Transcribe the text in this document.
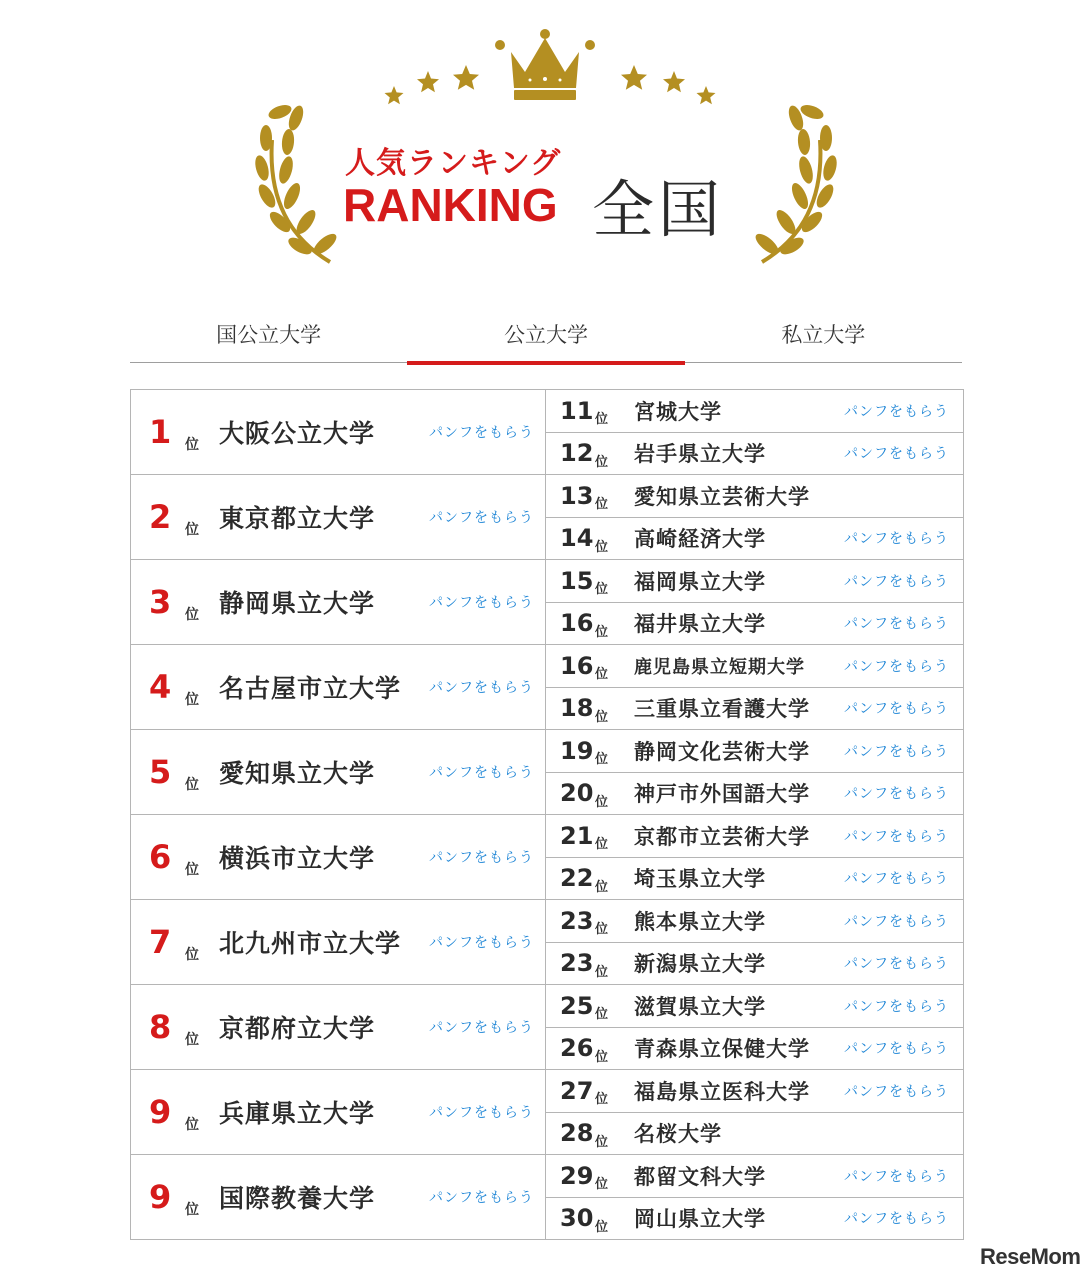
人気ランキング
RANKING 全国
国公立大学	公立大学	私立大学
1 位 大阪公立大学	パンフをもらう
11 位 宮城大学	パンフをもらう
12 位 岩手県立大学	パンフをもらう
2 位 東京都立大学	パンフをもらう
13 位 愛知県立芸術大学
14 位 高崎経済大学	パンフをもらう
3 位 静岡県立大学	パンフをもらう
15 位 福岡県立大学	パンフをもらう
16 位 福井県立大学	パンフをもらう
4 位 名古屋市立大学 パンフをもらう
16 位 鹿児島県立短期大学	パンフをもらう
18 位 三重県立看護大学 パンフをもらう
5 位 愛知県立大学	パンフをもらう
19 位 静岡文化芸術大学 パンフをもらう
20 位 神戸市外国語大学 パンフをもらう
6 位 横浜市立大学	パンフをもらう
21 位 京都市立芸術大学 パンフをもらう
22 位 埼玉県立大学	パンフをもらう
7 位 北九州市立大学 パンフをもらう
23 位 熊本県立大学	パンフをもらう
23 位 新潟県立大学	パンフをもらう
8 位 京都府立大学	パンフをもらう
25 位 滋賀県立大学	パンフをもらう
26 位 青森県立保健大学 パンフをもらう
9 位 兵庫県立大学	パンフをもらう
27 位 福島県立医科大学 パンフをもらう
28 位 名桜大学
9 位 国際教養大学	パンフをもらう
29 位 都留文科大学	パンフをもらう
30 位 岡山県立大学	パンフをもらう
ReseMom
